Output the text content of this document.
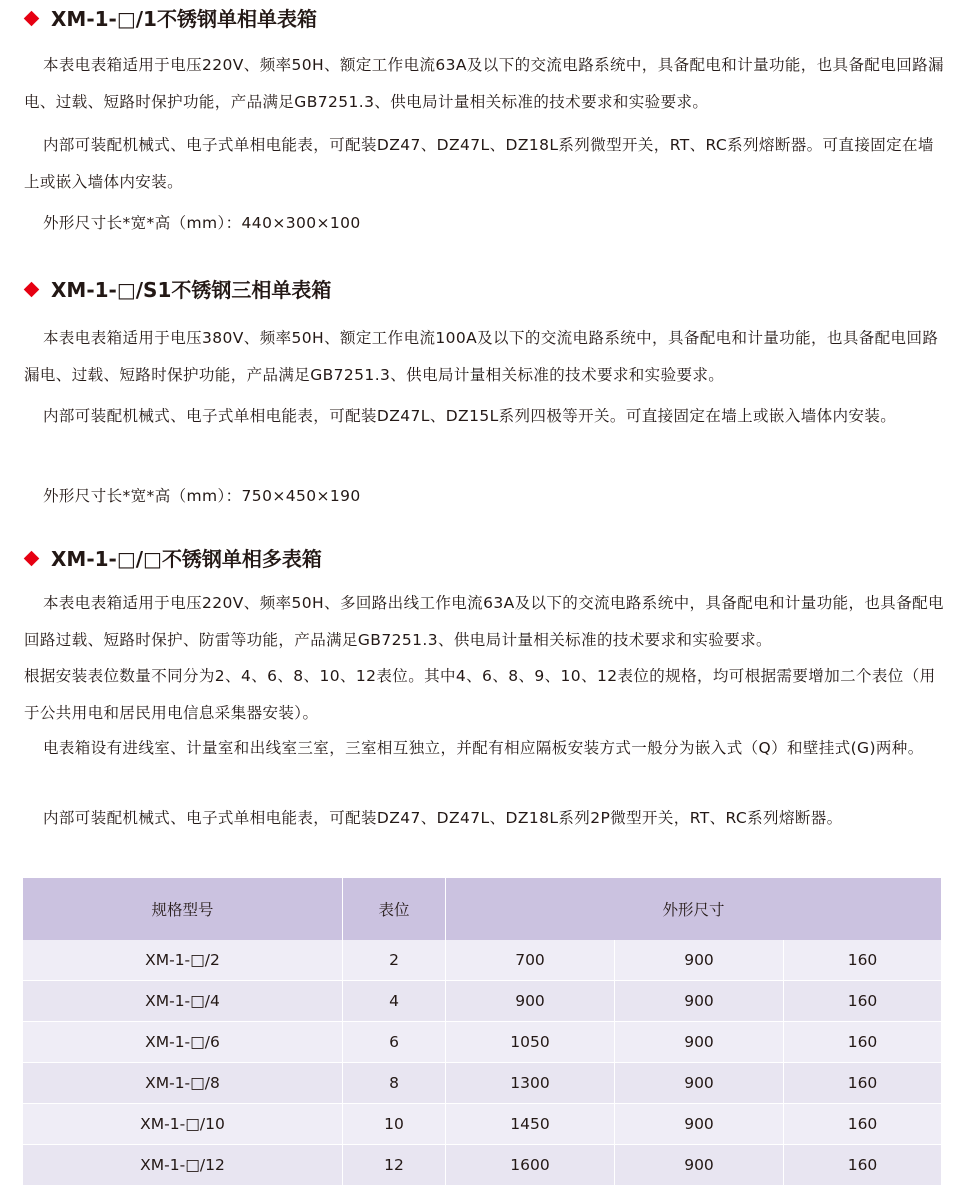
XM-1-□/1不锈钢单相单表箱
本表电表箱适用于电压220V、频率50H、额定工作电流63A及以下的交流电路系统中，具备配电和计量功能，也具备配电回路漏电、过载、短路时保护功能，产品满足GB7251.3、供电局计量相关标准的技术要求和实验要求。
内部可装配机械式、电子式单相电能表，可配装DZ47、DZ47L、DZ18L系列微型开关，RT、RC系列熔断器。可直接固定在墙上或嵌入墙体内安装。
外形尺寸长*宽*高（mm）：440×300×100
XM-1-□/S1不锈钢三相单表箱
本表电表箱适用于电压380V、频率50H、额定工作电流100A及以下的交流电路系统中，具备配电和计量功能，也具备配电回路漏电、过载、短路时保护功能，产品满足GB7251.3、供电局计量相关标准的技术要求和实验要求。
内部可装配机械式、电子式单相电能表，可配装DZ47L、DZ15L系列四极等开关。可直接固定在墙上或嵌入墙体内安装。
外形尺寸长*宽*高（mm）：750×450×190
XM-1-□/□不锈钢单相多表箱
本表电表箱适用于电压220V、频率50H、多回路出线工作电流63A及以下的交流电路系统中，具备配电和计量功能，也具备配电回路过载、短路时保护、防雷等功能，产品满足GB7251.3、供电局计量相关标准的技术要求和实验要求。
根据安装表位数量不同分为2、4、6、8、10、12表位。其中4、6、8、9、10、12表位的规格，均可根据需要增加二个表位（用于公共用电和居民用电信息采集器安装）。
电表箱设有进线室、计量室和出线室三室，三室相互独立，并配有相应隔板安装方式一般分为嵌入式（Q）和壁挂式(G)两种。
内部可装配机械式、电子式单相电能表，可配装DZ47、DZ47L、DZ18L系列2P微型开关，RT、RC系列熔断器。
规格型号	表位	外形尺寸		
XM-1-□/2	2	700	900	160
XM-1-□/4	4	900	900	160
XM-1-□/6	6	1050	900	160
XM-1-□/8	8	1300	900	160
XM-1-□/10	10	1450	900	160
XM-1-□/12	12	1600	900	160
